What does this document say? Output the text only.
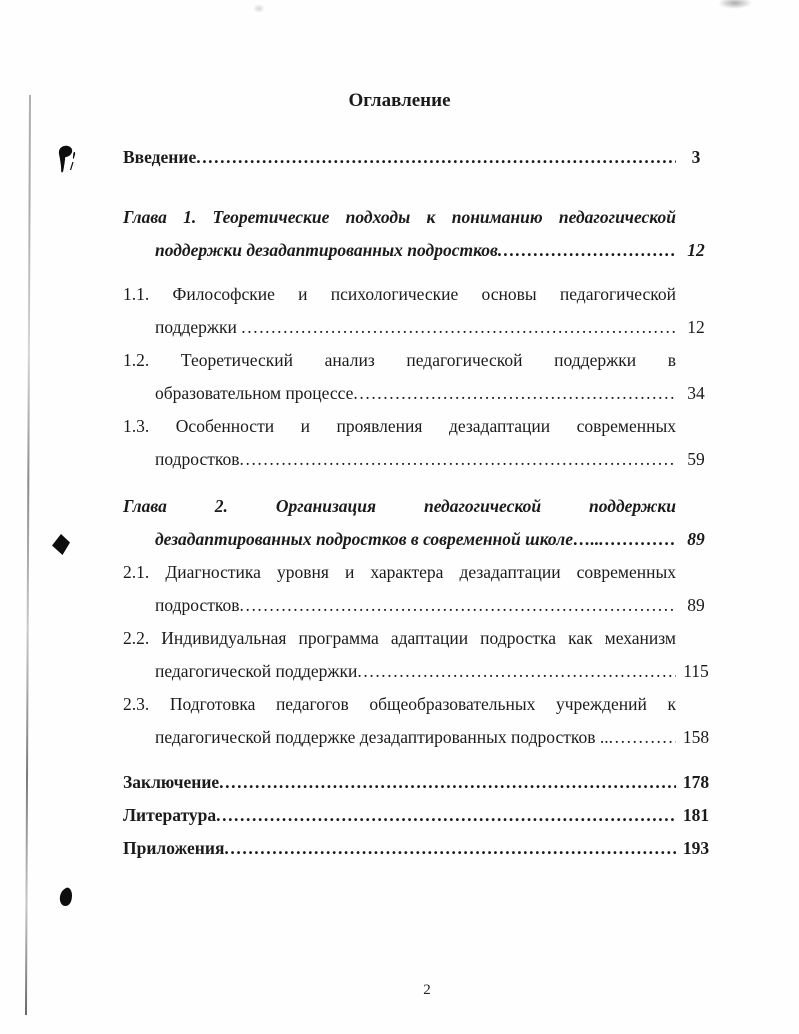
Оглавление
Введение .....	3
Глава 1. Теоретические подходы к пониманию педагогической
поддержки дезадаптированных подростков .....	12
1.1. Философские и психологические основы педагогической
поддержки .....	12
1.2. Теоретический анализ педагогической поддержки в
образовательном процессе .....	34
1.3. Особенности и проявления дезадаптации современных
подростков .....	59
Глава 2. Организация педагогической поддержки
дезадаптированных подростков в современной школе….. .....	89
2.1. Диагностика уровня и характера дезадаптации современных
подростков .....	89
2.2. Индивидуальная программа адаптации подростка как механизм
педагогической поддержки .....	115
2.3. Подготовка педагогов общеобразовательных учреждений к
педагогической поддержке дезадаптированных подростков .. .....	158
Заключение .....	178
Литература .....	181
Приложения .....	193
2
